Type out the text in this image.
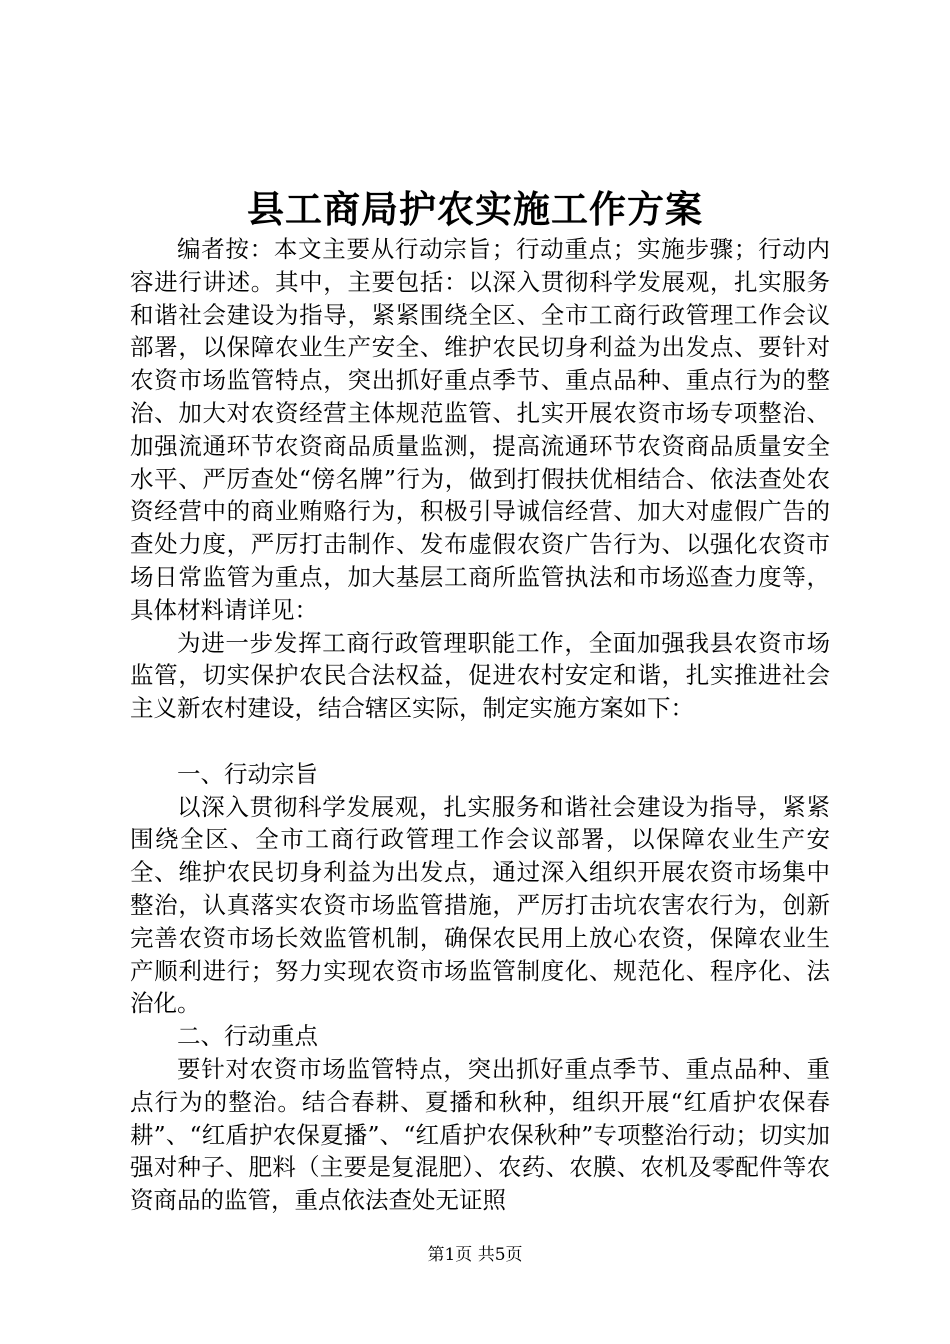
县工商局护农实施工作方案

编者按：本文主要从行动宗旨；行动重点；实施步骤；行动内容进行讲述。其中，主要包括：以深入贯彻科学发展观，扎实服务和谐社会建设为指导，紧紧围绕全区、全市工商行政管理工作会议部署，以保障农业生产安全、维护农民切身利益为出发点、要针对农资市场监管特点，突出抓好重点季节、重点品种、重点行为的整治、加大对农资经营主体规范监管、扎实开展农资市场专项整治、加强流通环节农资商品质量监测，提高流通环节农资商品质量安全水平、严厉查处“傍名牌”行为，做到打假扶优相结合、依法查处农资经营中的商业贿赂行为，积极引导诚信经营、加大对虚假广告的查处力度，严厉打击制作、发布虚假农资广告行为、以强化农资市场日常监管为重点，加大基层工商所监管执法和市场巡查力度等，具体材料请详见：

为进一步发挥工商行政管理职能工作，全面加强我县农资市场监管，切实保护农民合法权益，促进农村安定和谐，扎实推进社会主义新农村建设，结合辖区实际，制定实施方案如下：

一、行动宗旨

以深入贯彻科学发展观，扎实服务和谐社会建设为指导，紧紧围绕全区、全市工商行政管理工作会议部署，以保障农业生产安全、维护农民切身利益为出发点，通过深入组织开展农资市场集中整治，认真落实农资市场监管措施，严厉打击坑农害农行为，创新完善农资市场长效监管机制，确保农民用上放心农资，保障农业生产顺利进行；努力实现农资市场监管制度化、规范化、程序化、法治化。

二、行动重点

要针对农资市场监管特点，突出抓好重点季节、重点品种、重点行为的整治。结合春耕、夏播和秋种，组织开展“红盾护农保春耕”、“红盾护农保夏播”、“红盾护农保秋种”专项整治行动；切实加强对种子、肥料（主要是复混肥）、农药、农膜、农机及零配件等农资商品的监管，重点依法查处无证照

第1页 共5页
